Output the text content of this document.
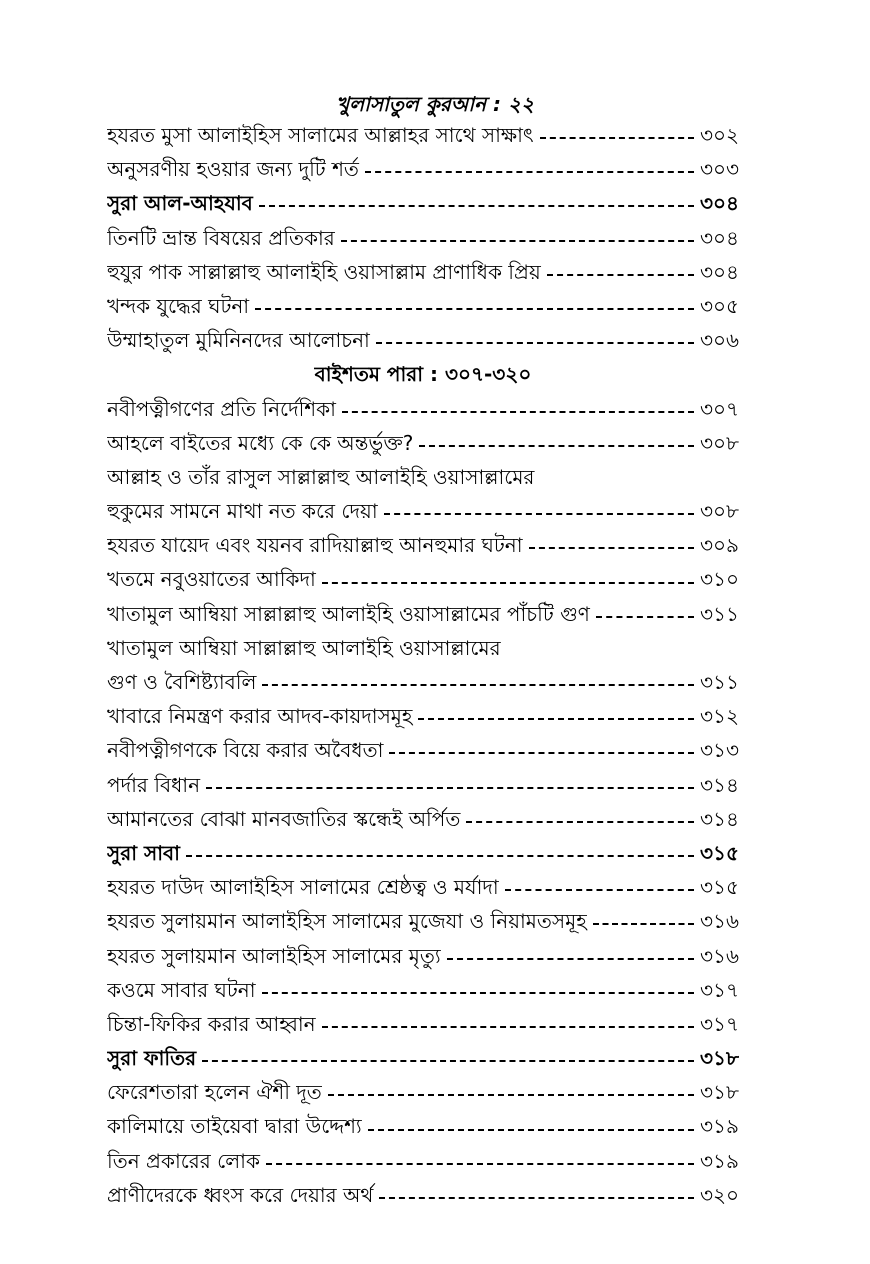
খুলাসাতুল কুরআন : ২২
হযরত মুসা আলাইহিস সালামের আল্লাহর সাথে সাক্ষাৎ	৩০২
অনুসরণীয় হওয়ার জন্য দুটি শর্ত	৩০৩
সুরা আল-আহযাব	৩০৪
তিনটি ভ্রান্ত বিষয়ের প্রতিকার	৩০৪
হুযুর পাক সাল্লাল্লাহু আলাইহি ওয়াসাল্লাম প্রাণাধিক প্রিয়	৩০৪
খন্দক যুদ্ধের ঘটনা	৩০৫
উম্মাহাতুল মুমিনিনদের আলোচনা	৩০৬
বাইশতম পারা : ৩০৭-৩২০
নবীপত্নীগণের প্রতি নির্দেশিকা	৩০৭
আহলে বাইতের মধ্যে কে কে অন্তর্ভুক্ত?	৩০৮
আল্লাহ ও তাঁর রাসুল সাল্লাল্লাহু আলাইহি ওয়াসাল্লামের
হুকুমের সামনে মাথা নত করে দেয়া	৩০৮
হযরত যায়েদ এবং যয়নব রাদিয়াল্লাহু আনহুমার ঘটনা	৩০৯
খতমে নবুওয়াতের আকিদা	৩১০
খাতামুল আম্বিয়া সাল্লাল্লাহু আলাইহি ওয়াসাল্লামের পাঁচটি গুণ	৩১১
খাতামুল আম্বিয়া সাল্লাল্লাহু আলাইহি ওয়াসাল্লামের
গুণ ও বৈশিষ্ট্যাবলি	৩১১
খাবারে নিমন্ত্রণ করার আদব-কায়দাসমূহ	৩১২
নবীপত্নীগণকে বিয়ে করার অবৈধতা	৩১৩
পর্দার বিধান	৩১৪
আমানতের বোঝা মানবজাতির স্কন্ধেই অর্পিত	৩১৪
সুরা সাবা	৩১৫
হযরত দাউদ আলাইহিস সালামের শ্রেষ্ঠত্ব ও মর্যাদা	৩১৫
হযরত সুলায়মান আলাইহিস সালামের মুজেযা ও নিয়ামতসমূহ	৩১৬
হযরত সুলায়মান আলাইহিস সালামের মৃত্যু	৩১৬
কওমে সাবার ঘটনা	৩১৭
চিন্তা-ফিকির করার আহ্বান	৩১৭
সুরা ফাতির	৩১৮
ফেরেশতারা হলেন ঐশী দূত	৩১৮
কালিমায়ে তাইয়েবা দ্বারা উদ্দেশ্য	৩১৯
তিন প্রকারের লোক	৩১৯
প্রাণীদেরকে ধ্বংস করে দেয়ার অর্থ	৩২০
